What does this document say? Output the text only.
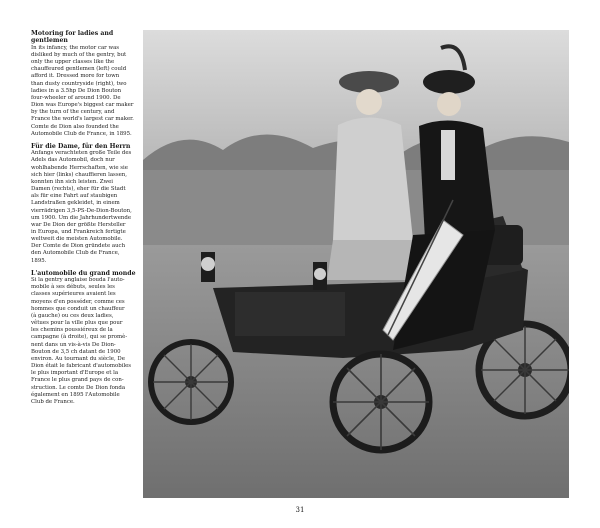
Motoring for ladies and gentlemen

In its infancy, the motor car was
disliked by much of the gentry, but
only the upper classes like the
chauffeured gentlemen (left) could
afford it. Dressed more for town
than dusty countryside (right), two
ladies in a 3.5hp De Dion Bouton
four-wheeler of around 1900. De
Dion was Europe's biggest car maker
by the turn of the century, and
France the world's largest car maker.
Comte de Dion also founded the
Automobile Club de France, in 1895.

Für die Dame, für den Herrn

Anfangs verachteten große Teile des
Adels das Automobil, doch nur
wohlhabende Herrschaften, wie sie
sich hier (links) chauffieren lassen,
konnten ihn sich leisten. Zwei
Damen (rechts), eher für die Stadt
als für eine Fahrt auf staubigen
Landstraßen gekleidet, in einem
vierrädrigen 3,5-PS-De-Dion-Bouton,
um 1900. Um die Jahrhundertwende
war De Dion der größte Hersteller
in Europa, und Frankreich fertigte
weltweit die meisten Automobile.
Der Comte de Dion gründete auch
den Automobile Club de France,
1895.

L'automobile du grand monde

Si la gentry anglaise bouda l'auto-
mobile à ses débuts, seules les
classes supérieures avaient les
moyens d'en posséder, comme ces
hommes que conduit un chauffeur
(à gauche) ou ces deux ladies,
vêtues pour la ville plus que pour
les chemins poussiéreux de la
campagne (à droite), qui se promè-
nent dans un vis-à-vis De Dion-
Bouton de 3,5 ch datant de 1900
environ. Au tournant du siècle, De
Dion était le fabricant d'automobiles
le plus important d'Europe et la
France le plus grand pays de con-
struction. Le comte De Dion fonda
également en 1895 l'Automobile
Club de France.

31
